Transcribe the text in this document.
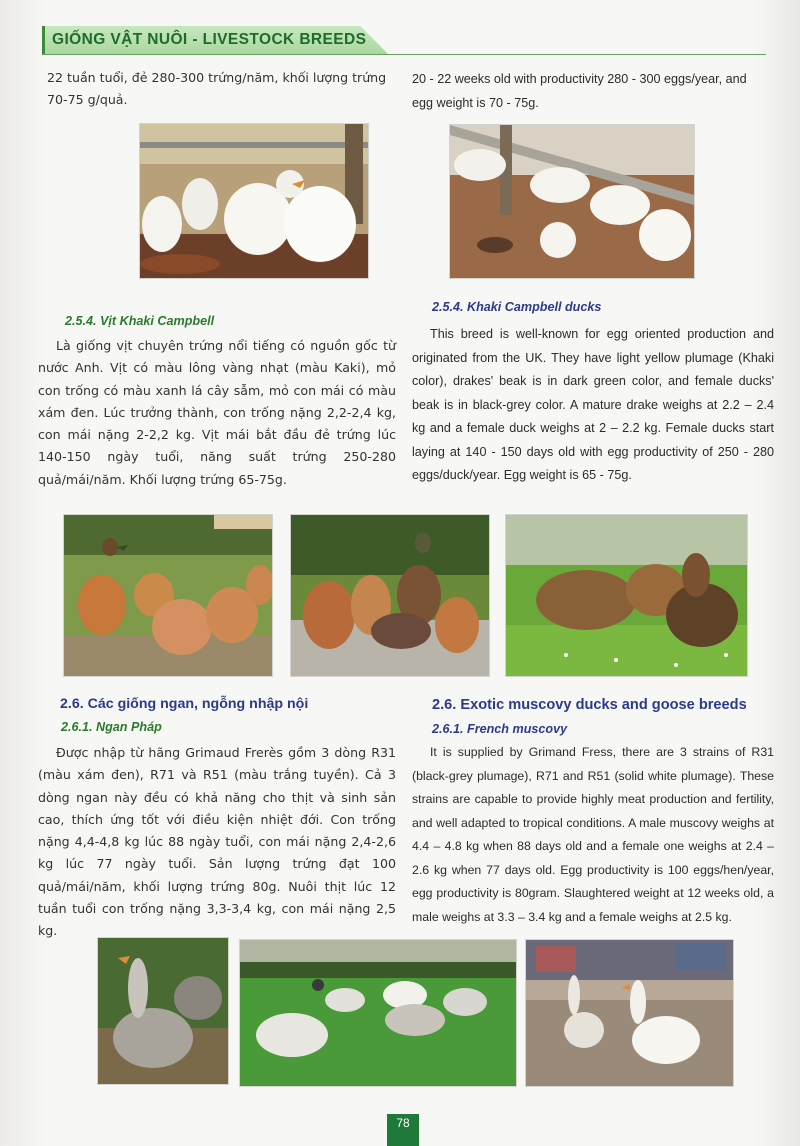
GIỐNG VẬT NUÔI - LIVESTOCK BREEDS
22 tuần tuổi, đẻ 280-300 trứng/năm, khối lượng trứng 70-75 g/quả.
20 - 22 weeks old with productivity 280 - 300 eggs/year, and egg weight is 70 - 75g.
2.5.4. Vịt Khaki Campbell
Là giống vịt chuyên trứng nổi tiếng có nguồn gốc từ nước Anh. Vịt có màu lông vàng nhạt (màu Kaki), mỏ con trống có màu xanh lá cây sẫm, mỏ con mái có màu xám đen. Lúc trưởng thành, con trống nặng 2,2-2,4 kg, con mái nặng 2-2,2 kg. Vịt mái bắt đầu đẻ trứng lúc 140-150 ngày tuổi, năng suất trứng 250-280 quả/mái/năm. Khối lượng trứng 65-75g.
2.5.4. Khaki Campbell ducks
This breed is well-known for egg oriented production and originated from the UK. They have light yellow plumage (Khaki color), drakes' beak is in dark green color, and female ducks' beak is in black-grey color. A mature drake weighs at 2.2 – 2.4 kg and a female duck weighs at 2 – 2.2 kg. Female ducks start laying at 140 - 150 days old with egg productivity of 250 - 280 eggs/duck/year. Egg weight is 65 - 75g.
2.6. Các giống ngan, ngỗng nhập nội
2.6.1. Ngan Pháp
Được nhập từ hãng Grimaud Frerès gồm 3 dòng R31 (màu xám đen), R71 và R51 (màu trắng tuyền). Cả 3 dòng ngan này đều có khả năng cho thịt và sinh sản cao, thích ứng tốt với điều kiện nhiệt đới. Con trống nặng 4,4-4,8 kg lúc 88 ngày tuổi, con mái nặng 2,4-2,6 kg lúc 77 ngày tuổi. Sản lượng trứng đạt 100 quả/mái/năm, khối lượng trứng 80g. Nuôi thịt lúc 12 tuần tuổi con trống nặng 3,3-3,4 kg, con mái nặng 2,5 kg.
2.6. Exotic muscovy ducks and goose breeds
2.6.1. French muscovy
It is supplied by Grimand Fress, there are 3 strains of R31 (black-grey plumage), R71 and R51 (solid white plumage). These strains are capable to provide highly meat production and fertility, and well adapted to tropical conditions. A male muscovy weighs at 4.4 – 4.8 kg when 88 days old and a female one weighs at 2.4 – 2.6 kg when 77 days old. Egg productivity is 100 eggs/hen/year, egg productivity is 80gram. Slaughtered weight at 12 weeks old, a male weighs at 3.3 – 3.4 kg and a female weighs at 2.5 kg.
78
